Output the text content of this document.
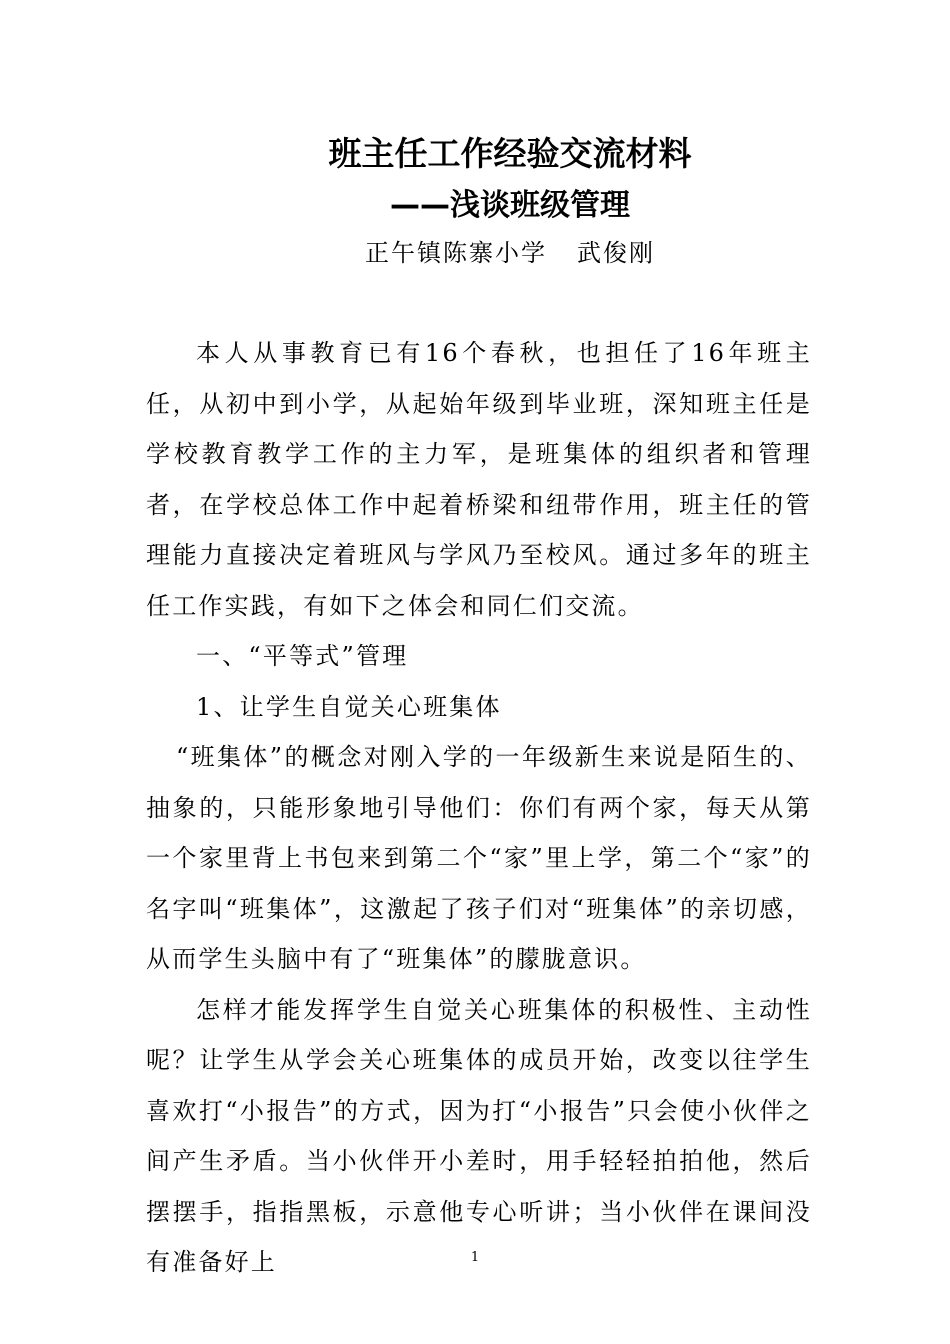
班主任工作经验交流材料
——浅谈班级管理
正午镇陈寨小学 武俊刚

本人从事教育已有16个春秋，也担任了16年班主任，从初中到小学，从起始年级到毕业班，深知班主任是学校教育教学工作的主力军，是班集体的组织者和管理者，在学校总体工作中起着桥梁和纽带作用，班主任的管理能力直接决定着班风与学风乃至校风。通过多年的班主任工作实践，有如下之体会和同仁们交流。

一、“平等式”管理

1、让学生自觉关心班集体

“班集体”的概念对刚入学的一年级新生来说是陌生的、抽象的，只能形象地引导他们：你们有两个家，每天从第一个家里背上书包来到第二个“家”里上学，第二个“家”的名字叫“班集体”，这激起了孩子们对“班集体”的亲切感，从而学生头脑中有了“班集体”的朦胧意识。

怎样才能发挥学生自觉关心班集体的积极性、主动性呢？让学生从学会关心班集体的成员开始，改变以往学生喜欢打“小报告”的方式，因为打“小报告”只会使小伙伴之间产生矛盾。当小伙伴开小差时，用手轻轻拍拍他，然后摆摆手，指指黑板，示意他专心听讲；当小伙伴在课间没有准备好上	1
